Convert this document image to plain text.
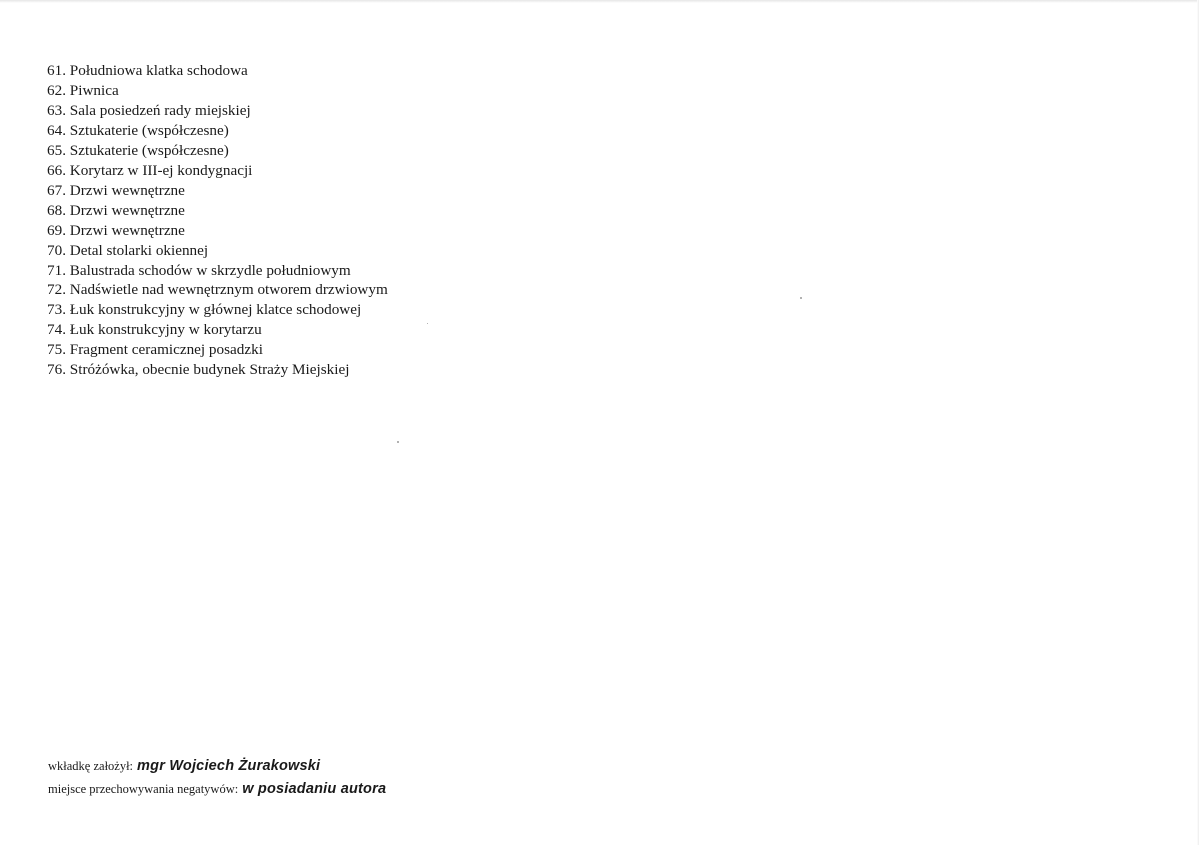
61. Południowa klatka schodowa
62. Piwnica
63. Sala posiedzeń rady miejskiej
64. Sztukaterie (współczesne)
65. Sztukaterie (współczesne)
66. Korytarz w III-ej kondygnacji
67. Drzwi wewnętrzne
68. Drzwi wewnętrzne
69. Drzwi wewnętrzne
70. Detal stolarki okiennej
71. Balustrada schodów w skrzydle południowym
72. Nadświetle nad wewnętrznym otworem drzwiowym
73. Łuk konstrukcyjny w głównej klatce schodowej
74. Łuk konstrukcyjny w korytarzu
75. Fragment ceramicznej posadzki
76. Stróżówka, obecnie budynek Straży Miejskiej
wkładkę założył: mgr Wojciech Żurakowski
miejsce przechowywania negatywów: w posiadaniu autora
